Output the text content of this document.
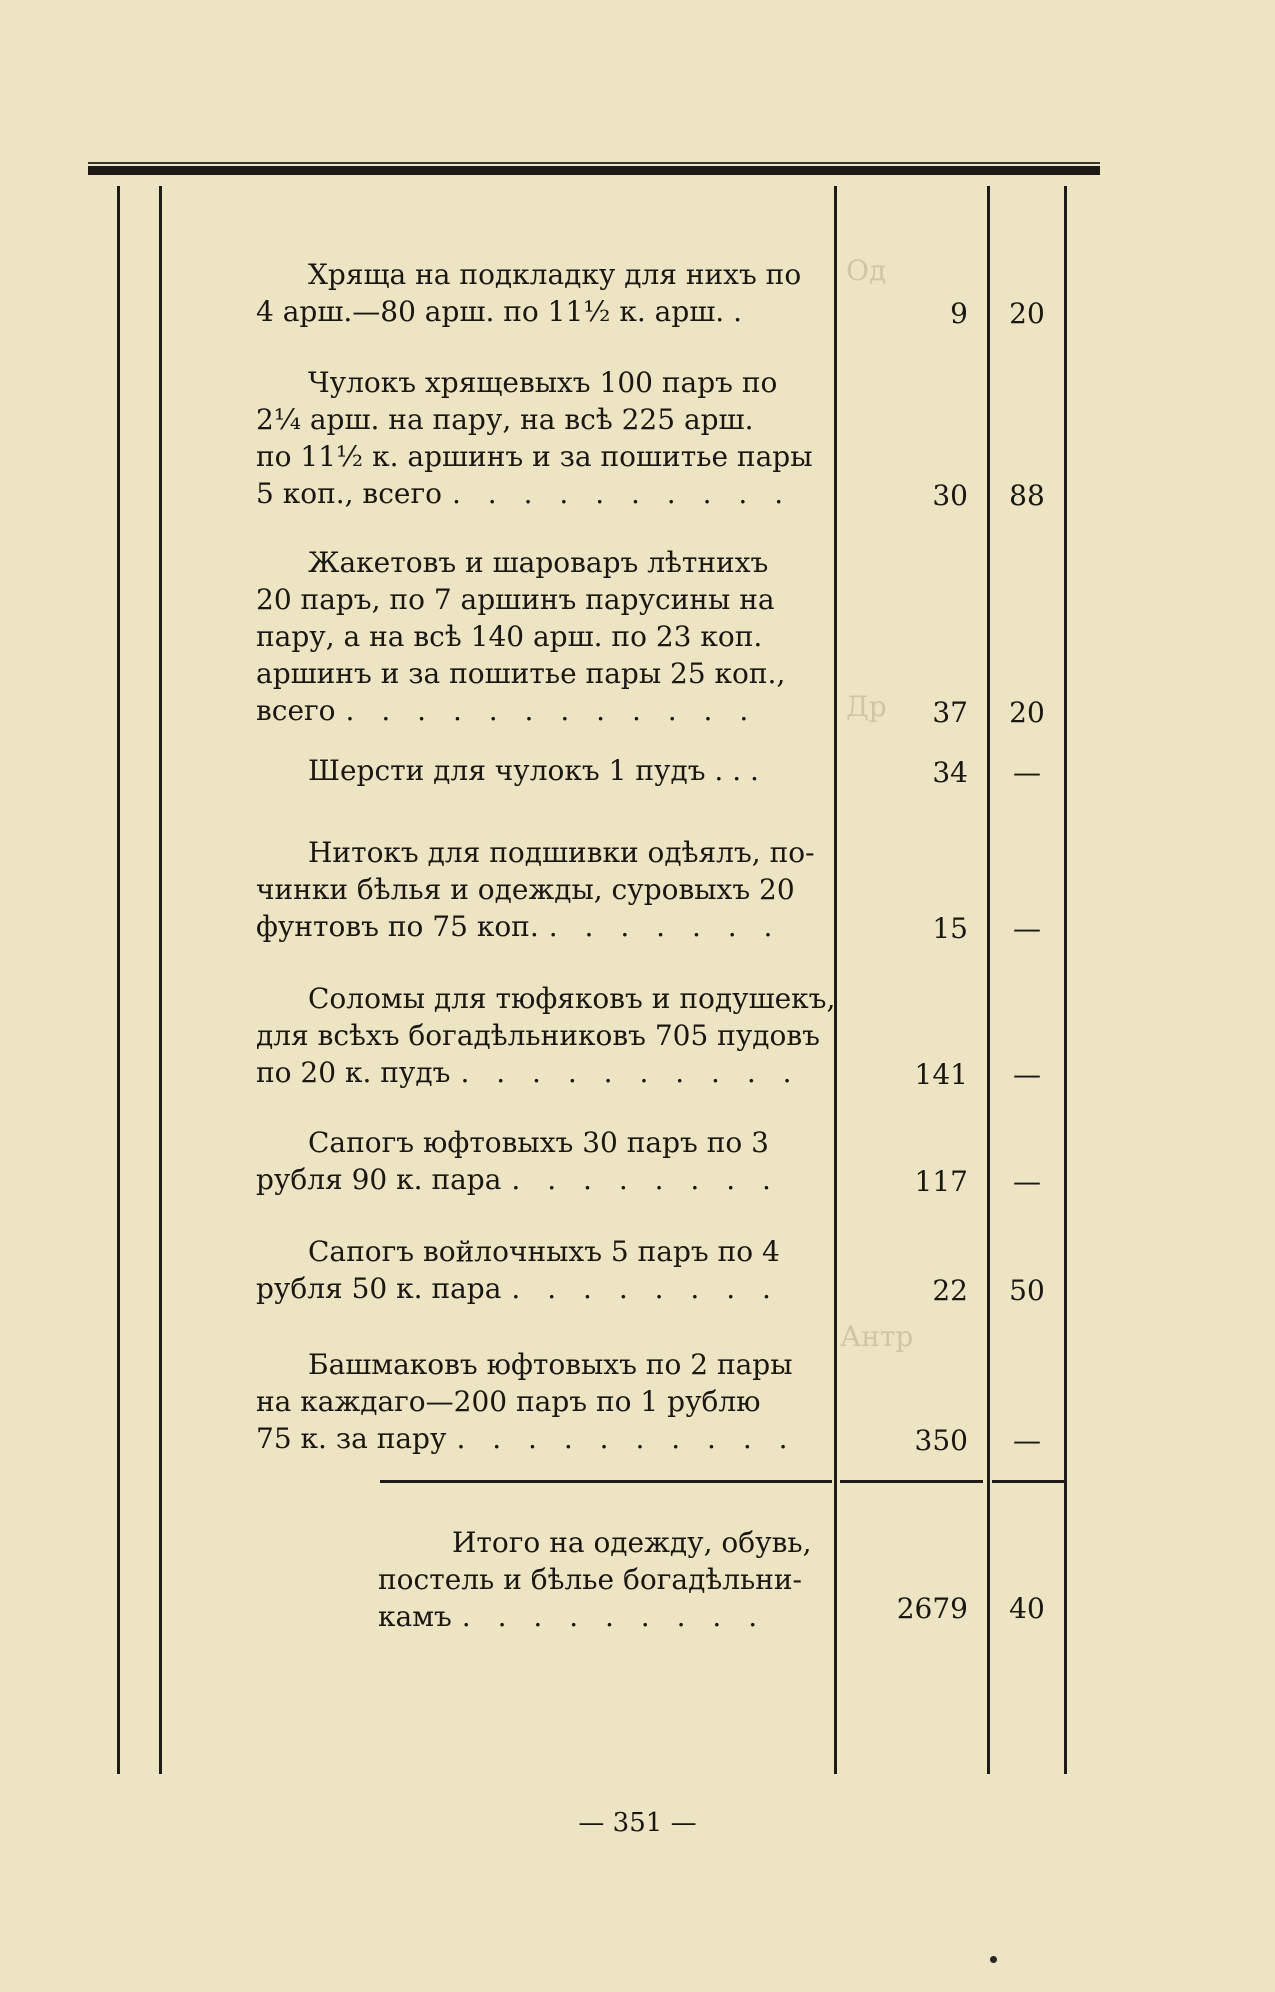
Од
Др
Антр
Хряща на подкладку для нихъ по
4 арш.—80 арш. по 11½ к. арш. .	9	20
Чулокъ хрящевыхъ 100 паръ по
2¼ арш. на пару, на всѣ 225 арш.
по 11½ к. аршинъ и за пошитье пары
5 коп., всего . . . . . . . . . .	30	88
Жакетовъ и шароваръ лѣтнихъ
20 паръ, по 7 аршинъ парусины на
пару, а на всѣ 140 арш. по 23 коп.
аршинъ и за пошитье пары 25 коп.,
всего . . . . . . . . . . . .	37	20
Шерсти для чулокъ 1 пудъ . . .	34	—
Нитокъ для подшивки одѣялъ, по-
чинки бѣлья и одежды, суровыхъ 20
фунтовъ по 75 коп. . . . . . . .	15	—
Соломы для тюфяковъ и подушекъ,
для всѣхъ богадѣльниковъ 705 пудовъ
по 20 к. пудъ . . . . . . . . . .	141	—
Сапогъ юфтовыхъ 30 паръ по 3
рубля 90 к. пара . . . . . . . .	117	—
Сапогъ войлочныхъ 5 паръ по 4
рубля 50 к. пара . . . . . . . .	22	50
Башмаковъ юфтовыхъ по 2 пары
на каждаго—200 паръ по 1 рублю
75 к. за пару . . . . . . . . . .	350	—
Итого на одежду, обувь,
постель и бѣлье богадѣльни-
камъ . . . . . . . . .	2679	40
— 351 —
